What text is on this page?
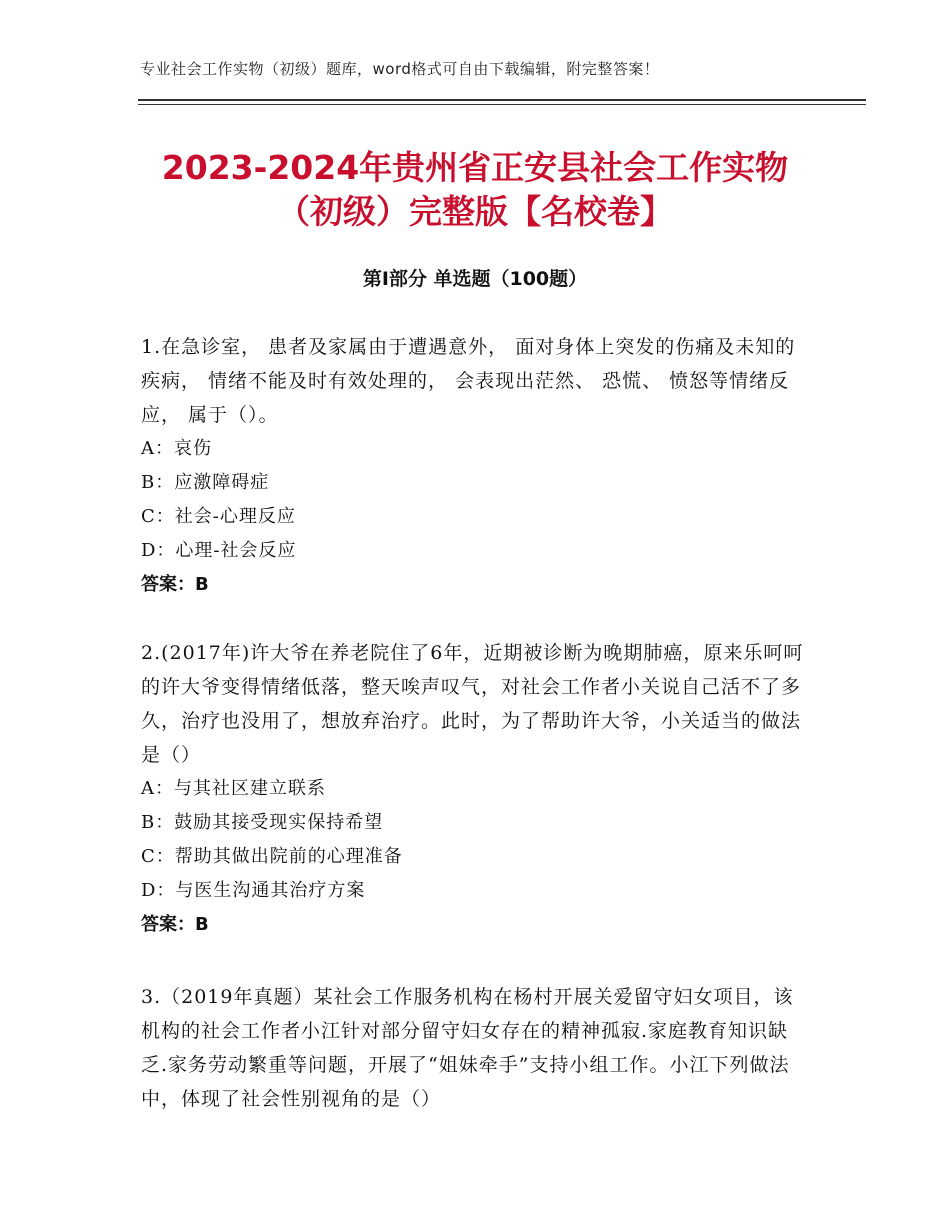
专业社会工作实物（初级）题库，word格式可自由下载编辑，附完整答案！
2023-2024年贵州省正安县社会工作实物
（初级）完整版【名校卷】
第Ⅰ部分 单选题（100题）
1.在急诊室， 患者及家属由于遭遇意外， 面对身体上突发的伤痛及未知的疾病， 情绪不能及时有效处理的， 会表现出茫然、 恐慌、 愤怒等情绪反应， 属于（）。
A：哀伤
B：应激障碍症
C：社会-心理反应
D：心理-社会反应
答案：B
2.(2017年)许大爷在养老院住了6年，近期被诊断为晚期肺癌，原来乐呵呵的许大爷变得情绪低落，整天唉声叹气，对社会工作者小关说自己活不了多久，治疗也没用了，想放弃治疗。此时，为了帮助许大爷，小关适当的做法是（）
A：与其社区建立联系
B：鼓励其接受现实保持希望
C：帮助其做出院前的心理准备
D：与医生沟通其治疗方案
答案：B
3.（2019年真题）某社会工作服务机构在杨村开展关爱留守妇女项目，该机构的社会工作者小江针对部分留守妇女存在的精神孤寂.家庭教育知识缺乏.家务劳动繁重等问题，开展了“姐妹牵手”支持小组工作。小江下列做法中，体现了社会性别视角的是（）
